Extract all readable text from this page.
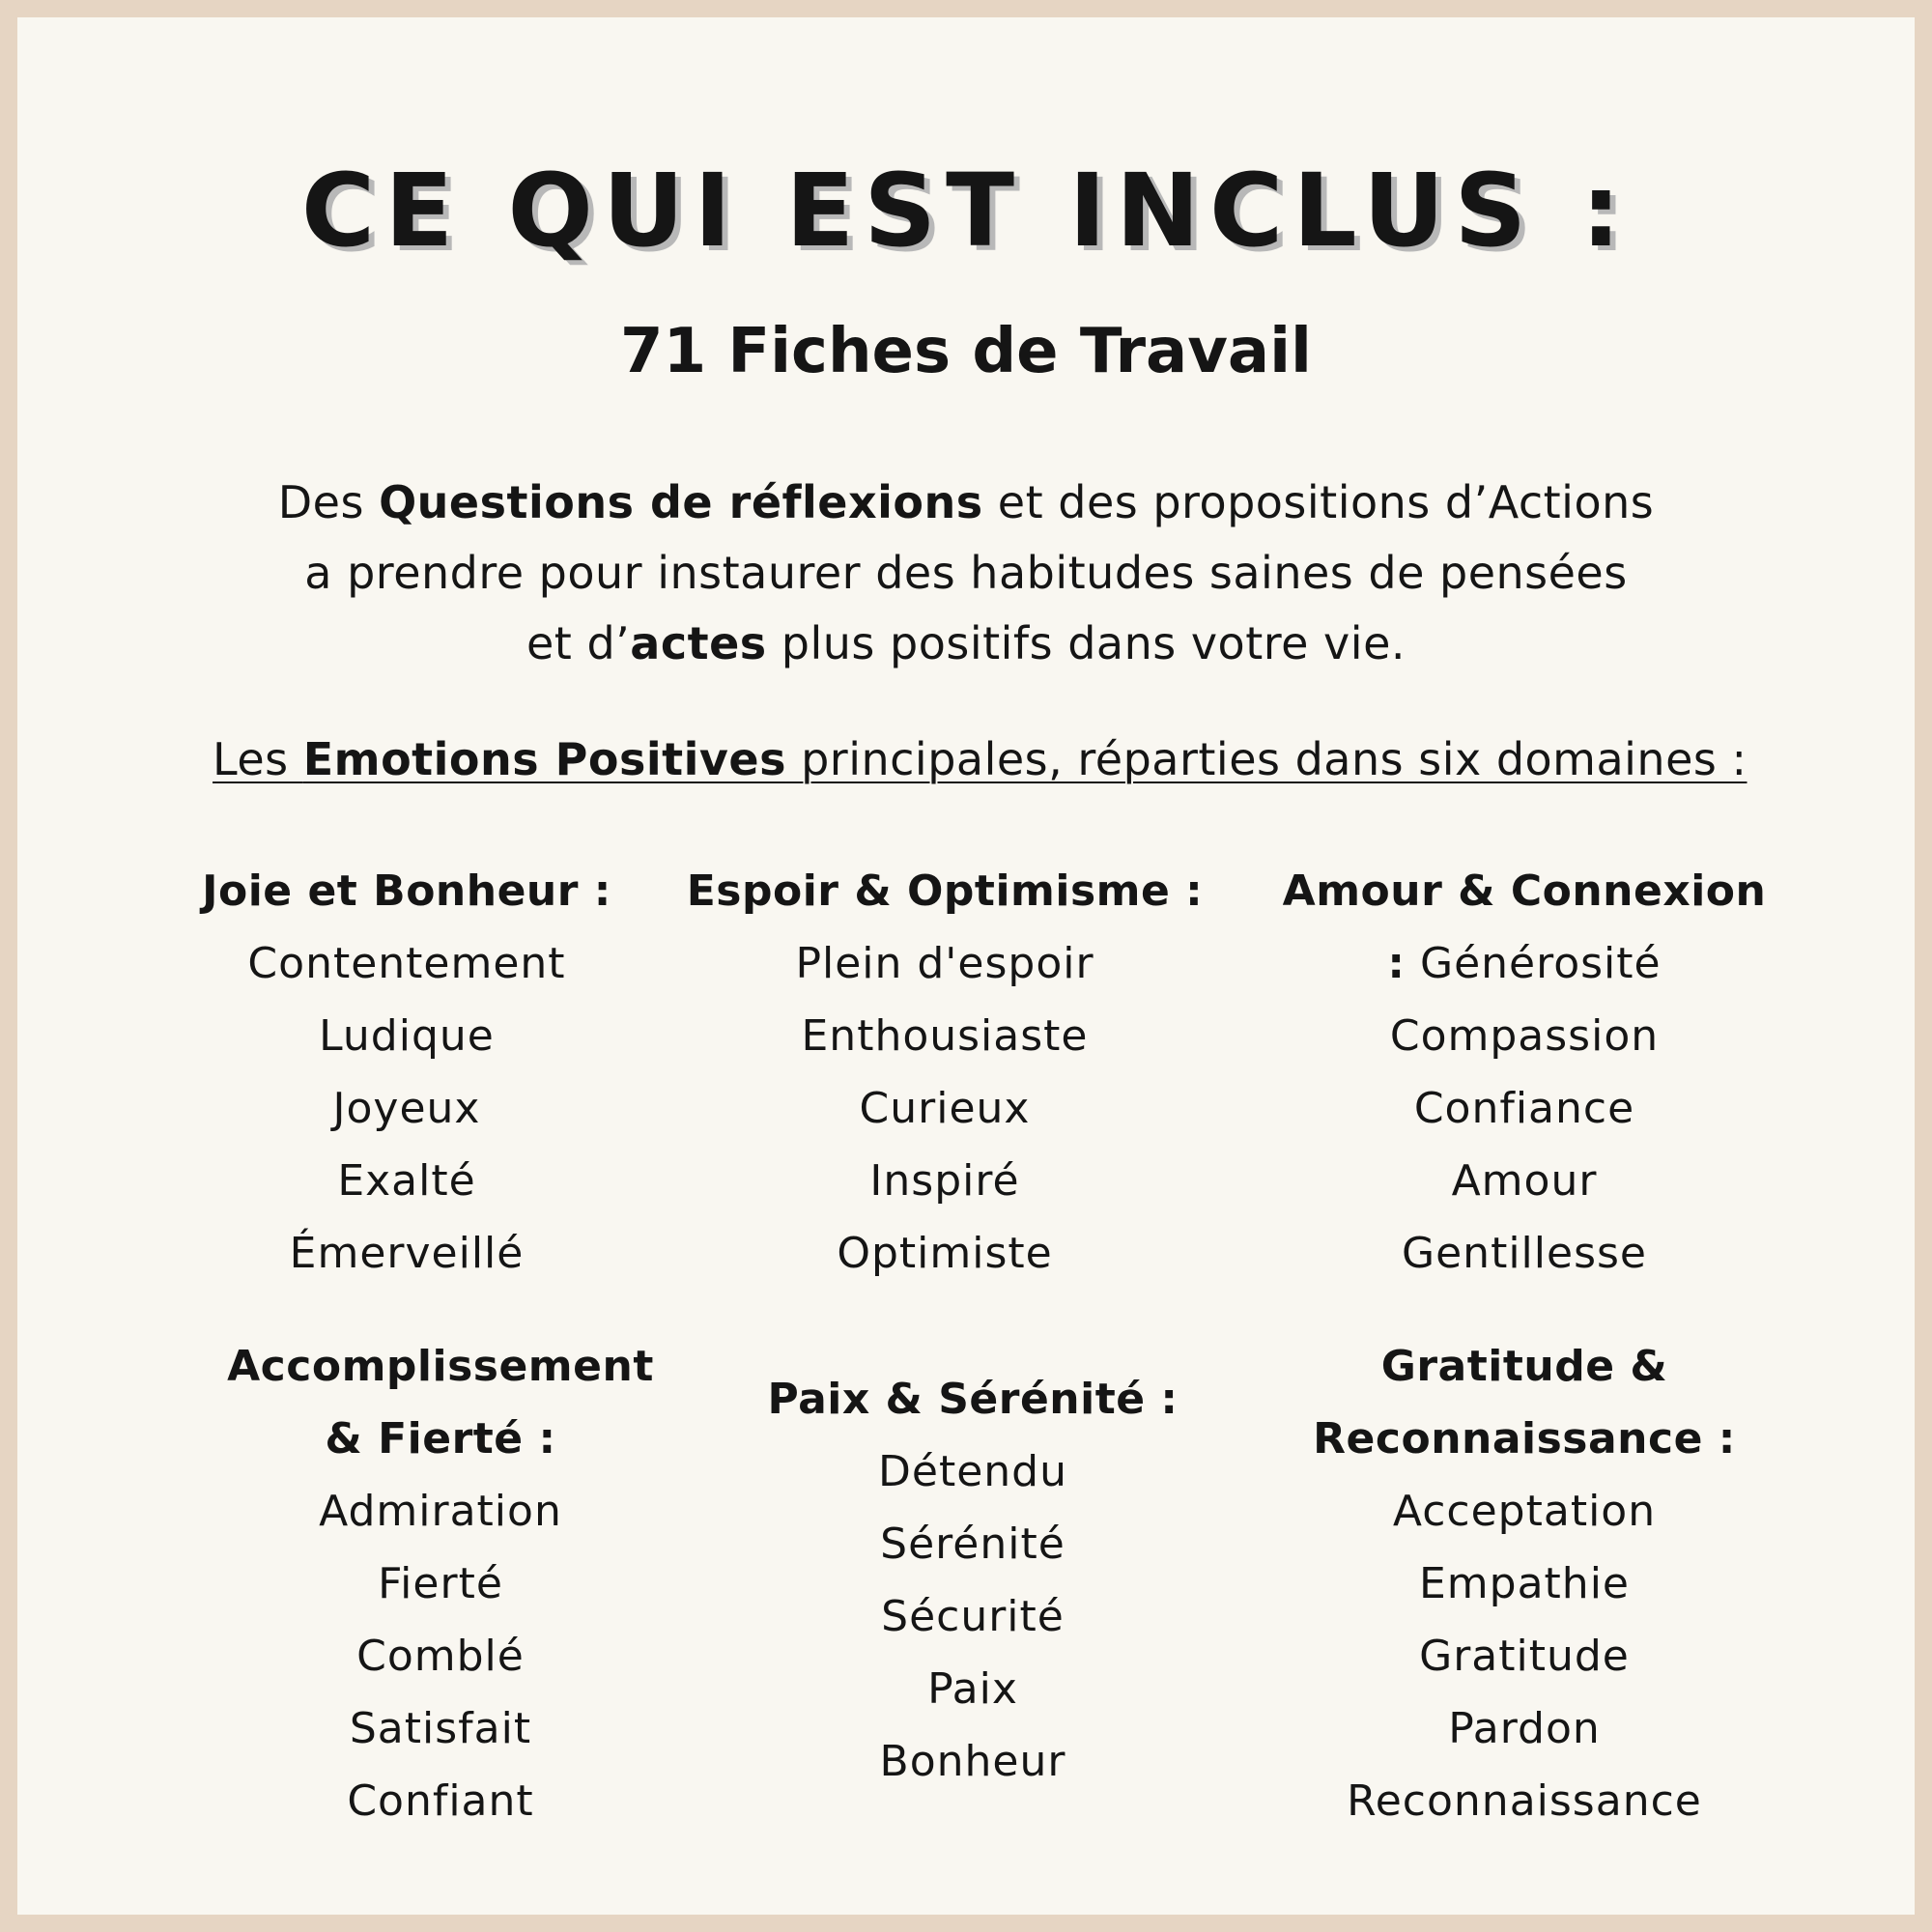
CE QUI EST INCLUS :
71 Fiches de Travail
Des Questions de réflexions et des propositions d’Actions
a prendre pour instaurer des habitudes saines de pensées
et d’actes plus positifs dans votre vie.
Les Emotions Positives principales, réparties dans six domaines :
Joie et Bonheur :
Contentement
Ludique
Joyeux
Exalté
Émerveillé
Espoir & Optimisme :
Plein d'espoir
Enthousiaste
Curieux
Inspiré
Optimiste
Amour & Connexion
: Générosité
Compassion
Confiance
Amour
Gentillesse
Accomplissement
& Fierté :
Admiration
Fierté
Comblé
Satisfait
Confiant
Paix & Sérénité :
Détendu
Sérénité
Sécurité
Paix
Bonheur
Gratitude &
Reconnaissance :
Acceptation
Empathie
Gratitude
Pardon
Reconnaissance
